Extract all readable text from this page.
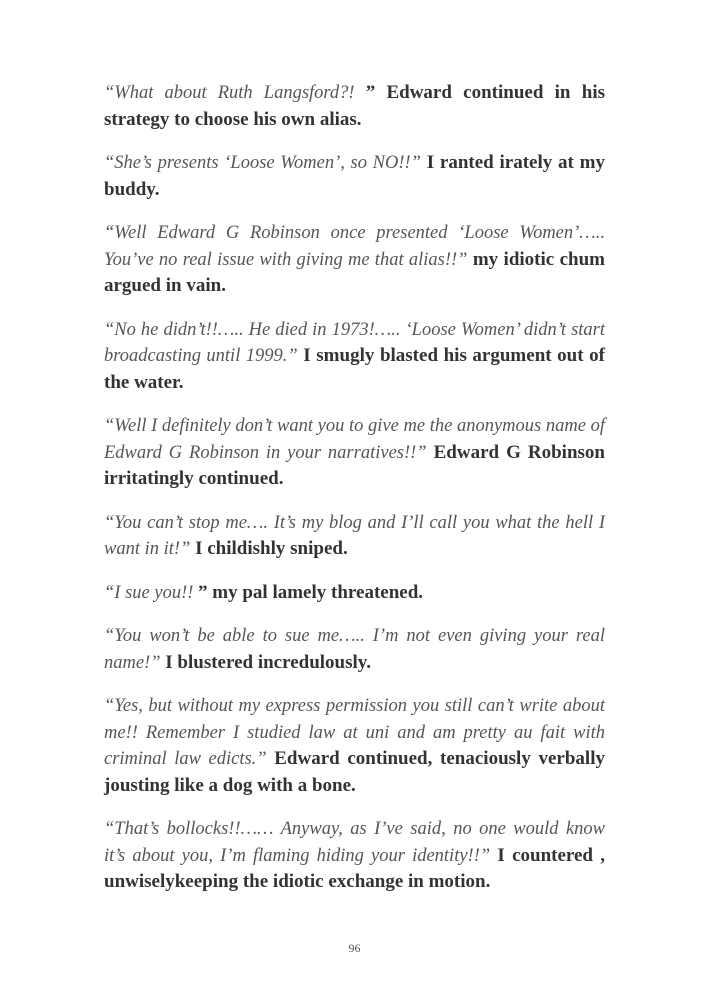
“What about Ruth Langsford?! ” Edward continued in his strategy to choose his own alias.

“She’s presents ‘Loose Women’, so NO!!” I ranted irately at my buddy.

“Well Edward G Robinson once presented ‘Loose Women’….. You’ve no real issue with giving me that alias!!” my idiotic chum argued in vain.

“No he didn’t!!….. He died in 1973!….. ‘Loose Women’ didn’t start broadcasting until 1999.” I smugly blasted his argument out of the water.

“Well I definitely don’t want you to give me the anonymous name of Edward G Robinson in your narratives!!” Edward G Robinson irritatingly continued.

“You can’t stop me…. It’s my blog and I’ll call you what the hell I want in it!” I childishly sniped.

“I sue you!! ” my pal lamely threatened.

“You won’t be able to sue me….. I’m not even giving your real name!” I blustered incredulously.

“Yes, but without my express permission you still can’t write about me!! Remember I studied law at uni and am pretty au fait with criminal law edicts.” Edward continued, tenaciously verbally jousting like a dog with a bone.

“That’s bollocks!!…… Anyway, as I’ve said, no one would know it’s about you, I’m flaming hiding your identity!!” I countered , unwiselykeeping the idiotic exchange in motion.

96
